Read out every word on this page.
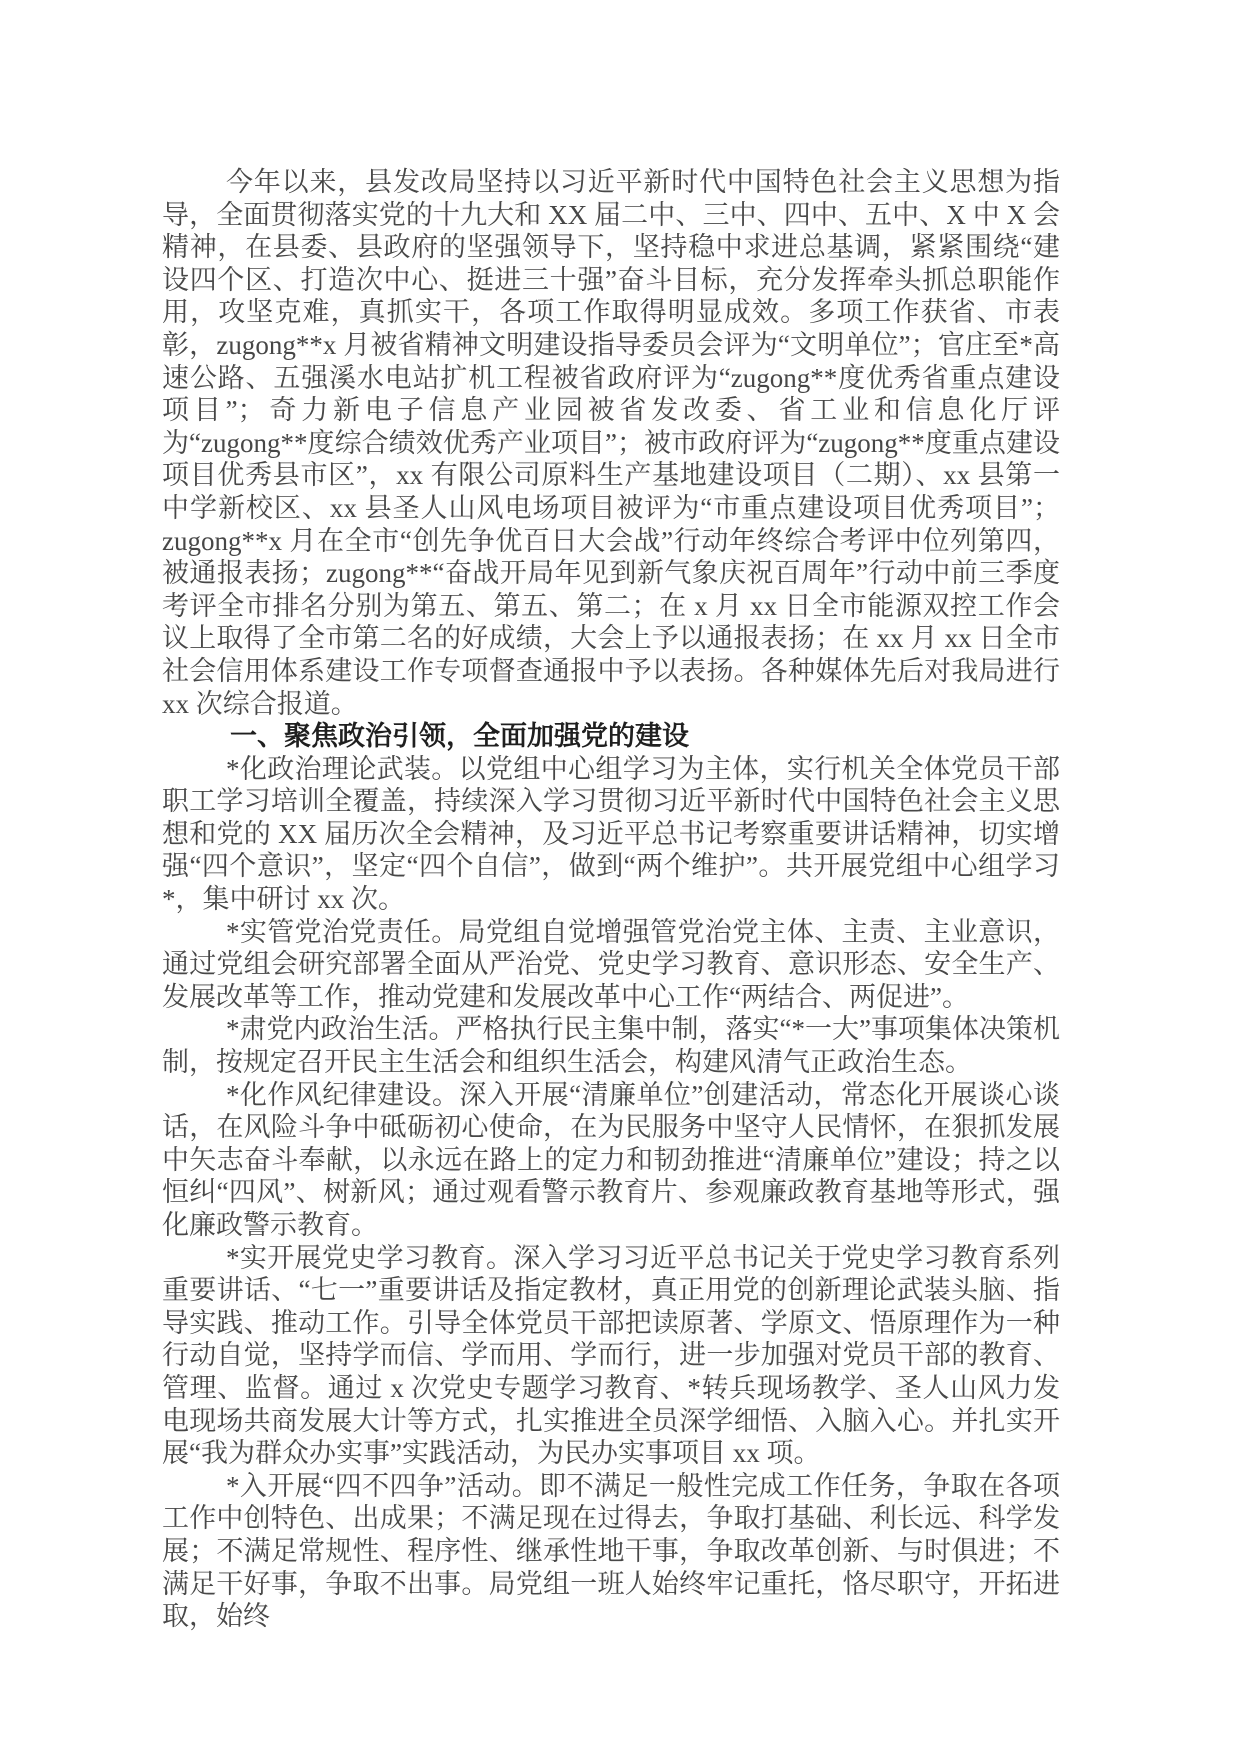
今年以来，县发改局坚持以习近平新时代中国特色社会主义思想为指导，全面贯彻落实党的十九大和 XX 届二中、三中、四中、五中、X 中 X 会精神，在县委、县政府的坚强领导下，坚持稳中求进总基调，紧紧围绕“建设四个区、打造次中心、挺进三十强”奋斗目标，充分发挥牵头抓总职能作用，攻坚克难，真抓实干，各项工作取得明显成效。多项工作获省、市表彰，zugong**x 月被省精神文明建设指导委员会评为“文明单位”；官庄至*高速公路、五强溪水电站扩机工程被省政府评为“zugong**度优秀省重点建设项目”；奇力新电子信息产业园被省发改委、省工业和信息化厅评为“zugong**度综合绩效优秀产业项目”；被市政府评为“zugong**度重点建设项目优秀县市区”，xx 有限公司原料生产基地建设项目（二期）、xx 县第一中学新校区、xx 县圣人山风电场项目被评为“市重点建设项目优秀项目”；zugong**x 月在全市“创先争优百日大会战”行动年终综合考评中位列第四，被通报表扬；zugong**“奋战开局年见到新气象庆祝百周年”行动中前三季度考评全市排名分别为第五、第五、第二；在 x 月 xx 日全市能源双控工作会议上取得了全市第二名的好成绩，大会上予以通报表扬；在 xx 月 xx 日全市社会信用体系建设工作专项督查通报中予以表扬。各种媒体先后对我局进行 xx 次综合报道。

一、聚焦政治引领，全面加强党的建设

*化政治理论武装。以党组中心组学习为主体，实行机关全体党员干部职工学习培训全覆盖，持续深入学习贯彻习近平新时代中国特色社会主义思想和党的 XX 届历次全会精神，及习近平总书记考察重要讲话精神，切实增强“四个意识”，坚定“四个自信”，做到“两个维护”。共开展党组中心组学习*，集中研讨 xx 次。

*实管党治党责任。局党组自觉增强管党治党主体、主责、主业意识，通过党组会研究部署全面从严治党、党史学习教育、意识形态、安全生产、发展改革等工作，推动党建和发展改革中心工作“两结合、两促进”。

*肃党内政治生活。严格执行民主集中制，落实“*一大”事项集体决策机制，按规定召开民主生活会和组织生活会，构建风清气正政治生态。

*化作风纪律建设。深入开展“清廉单位”创建活动，常态化开展谈心谈话，在风险斗争中砥砺初心使命，在为民服务中坚守人民情怀，在狠抓发展中矢志奋斗奉献，以永远在路上的定力和韧劲推进“清廉单位”建设；持之以恒纠“四风”、树新风；通过观看警示教育片、参观廉政教育基地等形式，强化廉政警示教育。

*实开展党史学习教育。深入学习习近平总书记关于党史学习教育系列重要讲话、“七一”重要讲话及指定教材，真正用党的创新理论武装头脑、指导实践、推动工作。引导全体党员干部把读原著、学原文、悟原理作为一种行动自觉，坚持学而信、学而用、学而行，进一步加强对党员干部的教育、管理、监督。通过 x 次党史专题学习教育、*转兵现场教学、圣人山风力发电现场共商发展大计等方式，扎实推进全员深学细悟、入脑入心。并扎实开展“我为群众办实事”实践活动，为民办实事项目 xx 项。

*入开展“四不四争”活动。即不满足一般性完成工作任务，争取在各项工作中创特色、出成果；不满足现在过得去，争取打基础、利长远、科学发展；不满足常规性、程序性、继承性地干事，争取改革创新、与时俱进；不满足干好事，争取不出事。局党组一班人始终牢记重托，恪尽职守，开拓进取，始终
